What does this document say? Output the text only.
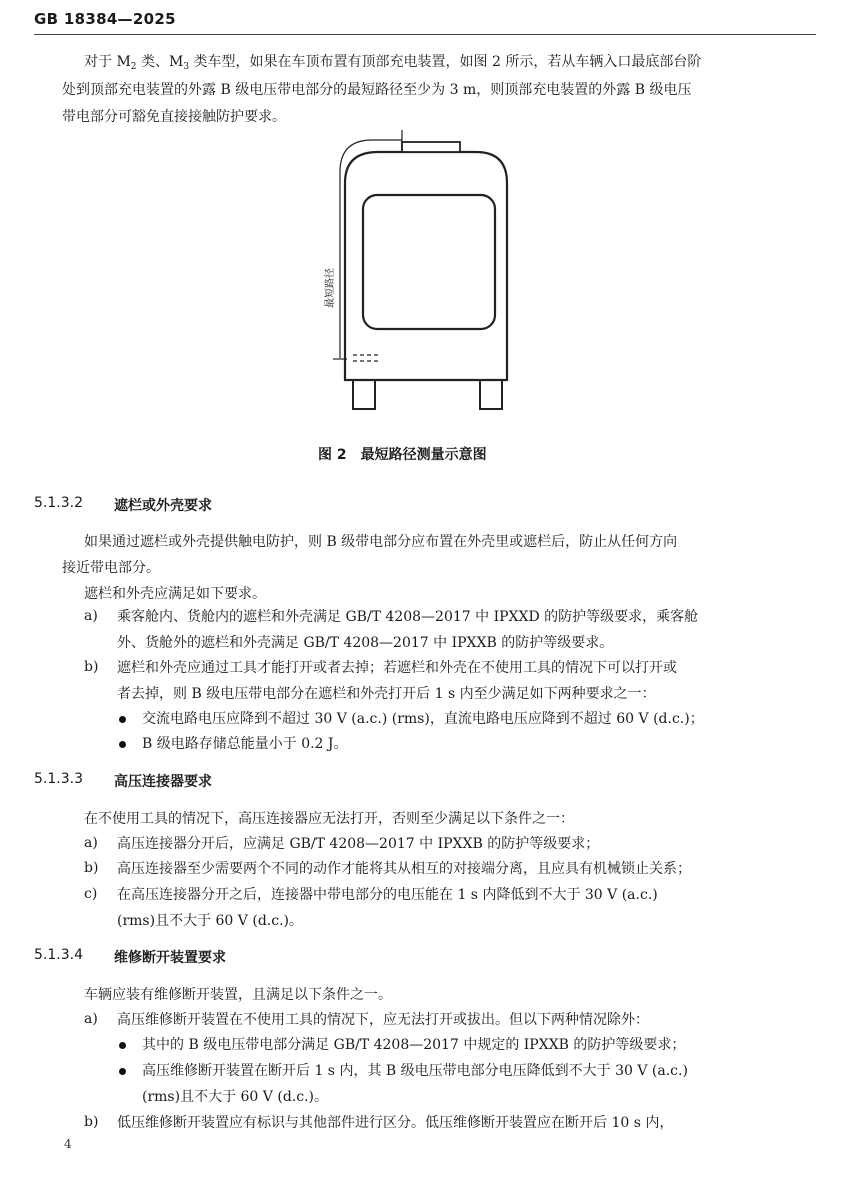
GB 18384—2025
对于 $M_2$ 类、$M_3$ 类车型，如果在车顶布置有顶部充电装置，如图 2 所示，若从车辆入口最底部台阶
处到顶部充电装置的外露 B 级电压带电部分的最短路径至少为 3 m，则顶部充电装置的外露 B 级电压
带电部分可豁免直接接触防护要求。
最短路径
图 2　最短路径测量示意图
5.1.3.2 遮栏或外壳要求
如果通过遮栏或外壳提供触电防护，则 B 级带电部分应布置在外壳里或遮栏后，防止从任何方向
接近带电部分。
遮栏和外壳应满足如下要求。
a) 乘客舱内、货舱内的遮栏和外壳满足 GB/T 4208—2017 中 IPXXD 的防护等级要求，乘客舱
外、货舱外的遮栏和外壳满足 GB/T 4208—2017 中 IPXXB 的防护等级要求。
b) 遮栏和外壳应通过工具才能打开或者去掉；若遮栏和外壳在不使用工具的情况下可以打开或
者去掉，则 B 级电压带电部分在遮栏和外壳打开后 1 s 内至少满足如下两种要求之一：
交流电路电压应降到不超过 30 V (a.c.) (rms)，直流电路电压应降到不超过 60 V (d.c.)；
B 级电路存储总能量小于 0.2 J。
5.1.3.3 高压连接器要求
在不使用工具的情况下，高压连接器应无法打开，否则至少满足以下条件之一：
a) 高压连接器分开后，应满足 GB/T 4208—2017 中 IPXXB 的防护等级要求；
b) 高压连接器至少需要两个不同的动作才能将其从相互的对接端分离，且应具有机械锁止关系；
c) 在高压连接器分开之后，连接器中带电部分的电压能在 1 s 内降低到不大于 30 V (a.c.)
(rms)且不大于 60 V (d.c.)。
5.1.3.4 维修断开装置要求
车辆应装有维修断开装置，且满足以下条件之一。
a) 高压维修断开装置在不使用工具的情况下，应无法打开或拔出。但以下两种情况除外：
其中的 B 级电压带电部分满足 GB/T 4208—2017 中规定的 IPXXB 的防护等级要求；
高压维修断开装置在断开后 1 s 内，其 B 级电压带电部分电压降低到不大于 30 V (a.c.)
(rms)且不大于 60 V (d.c.)。
b) 低压维修断开装置应有标识与其他部件进行区分。低压维修断开装置应在断开后 10 s 内，
4
